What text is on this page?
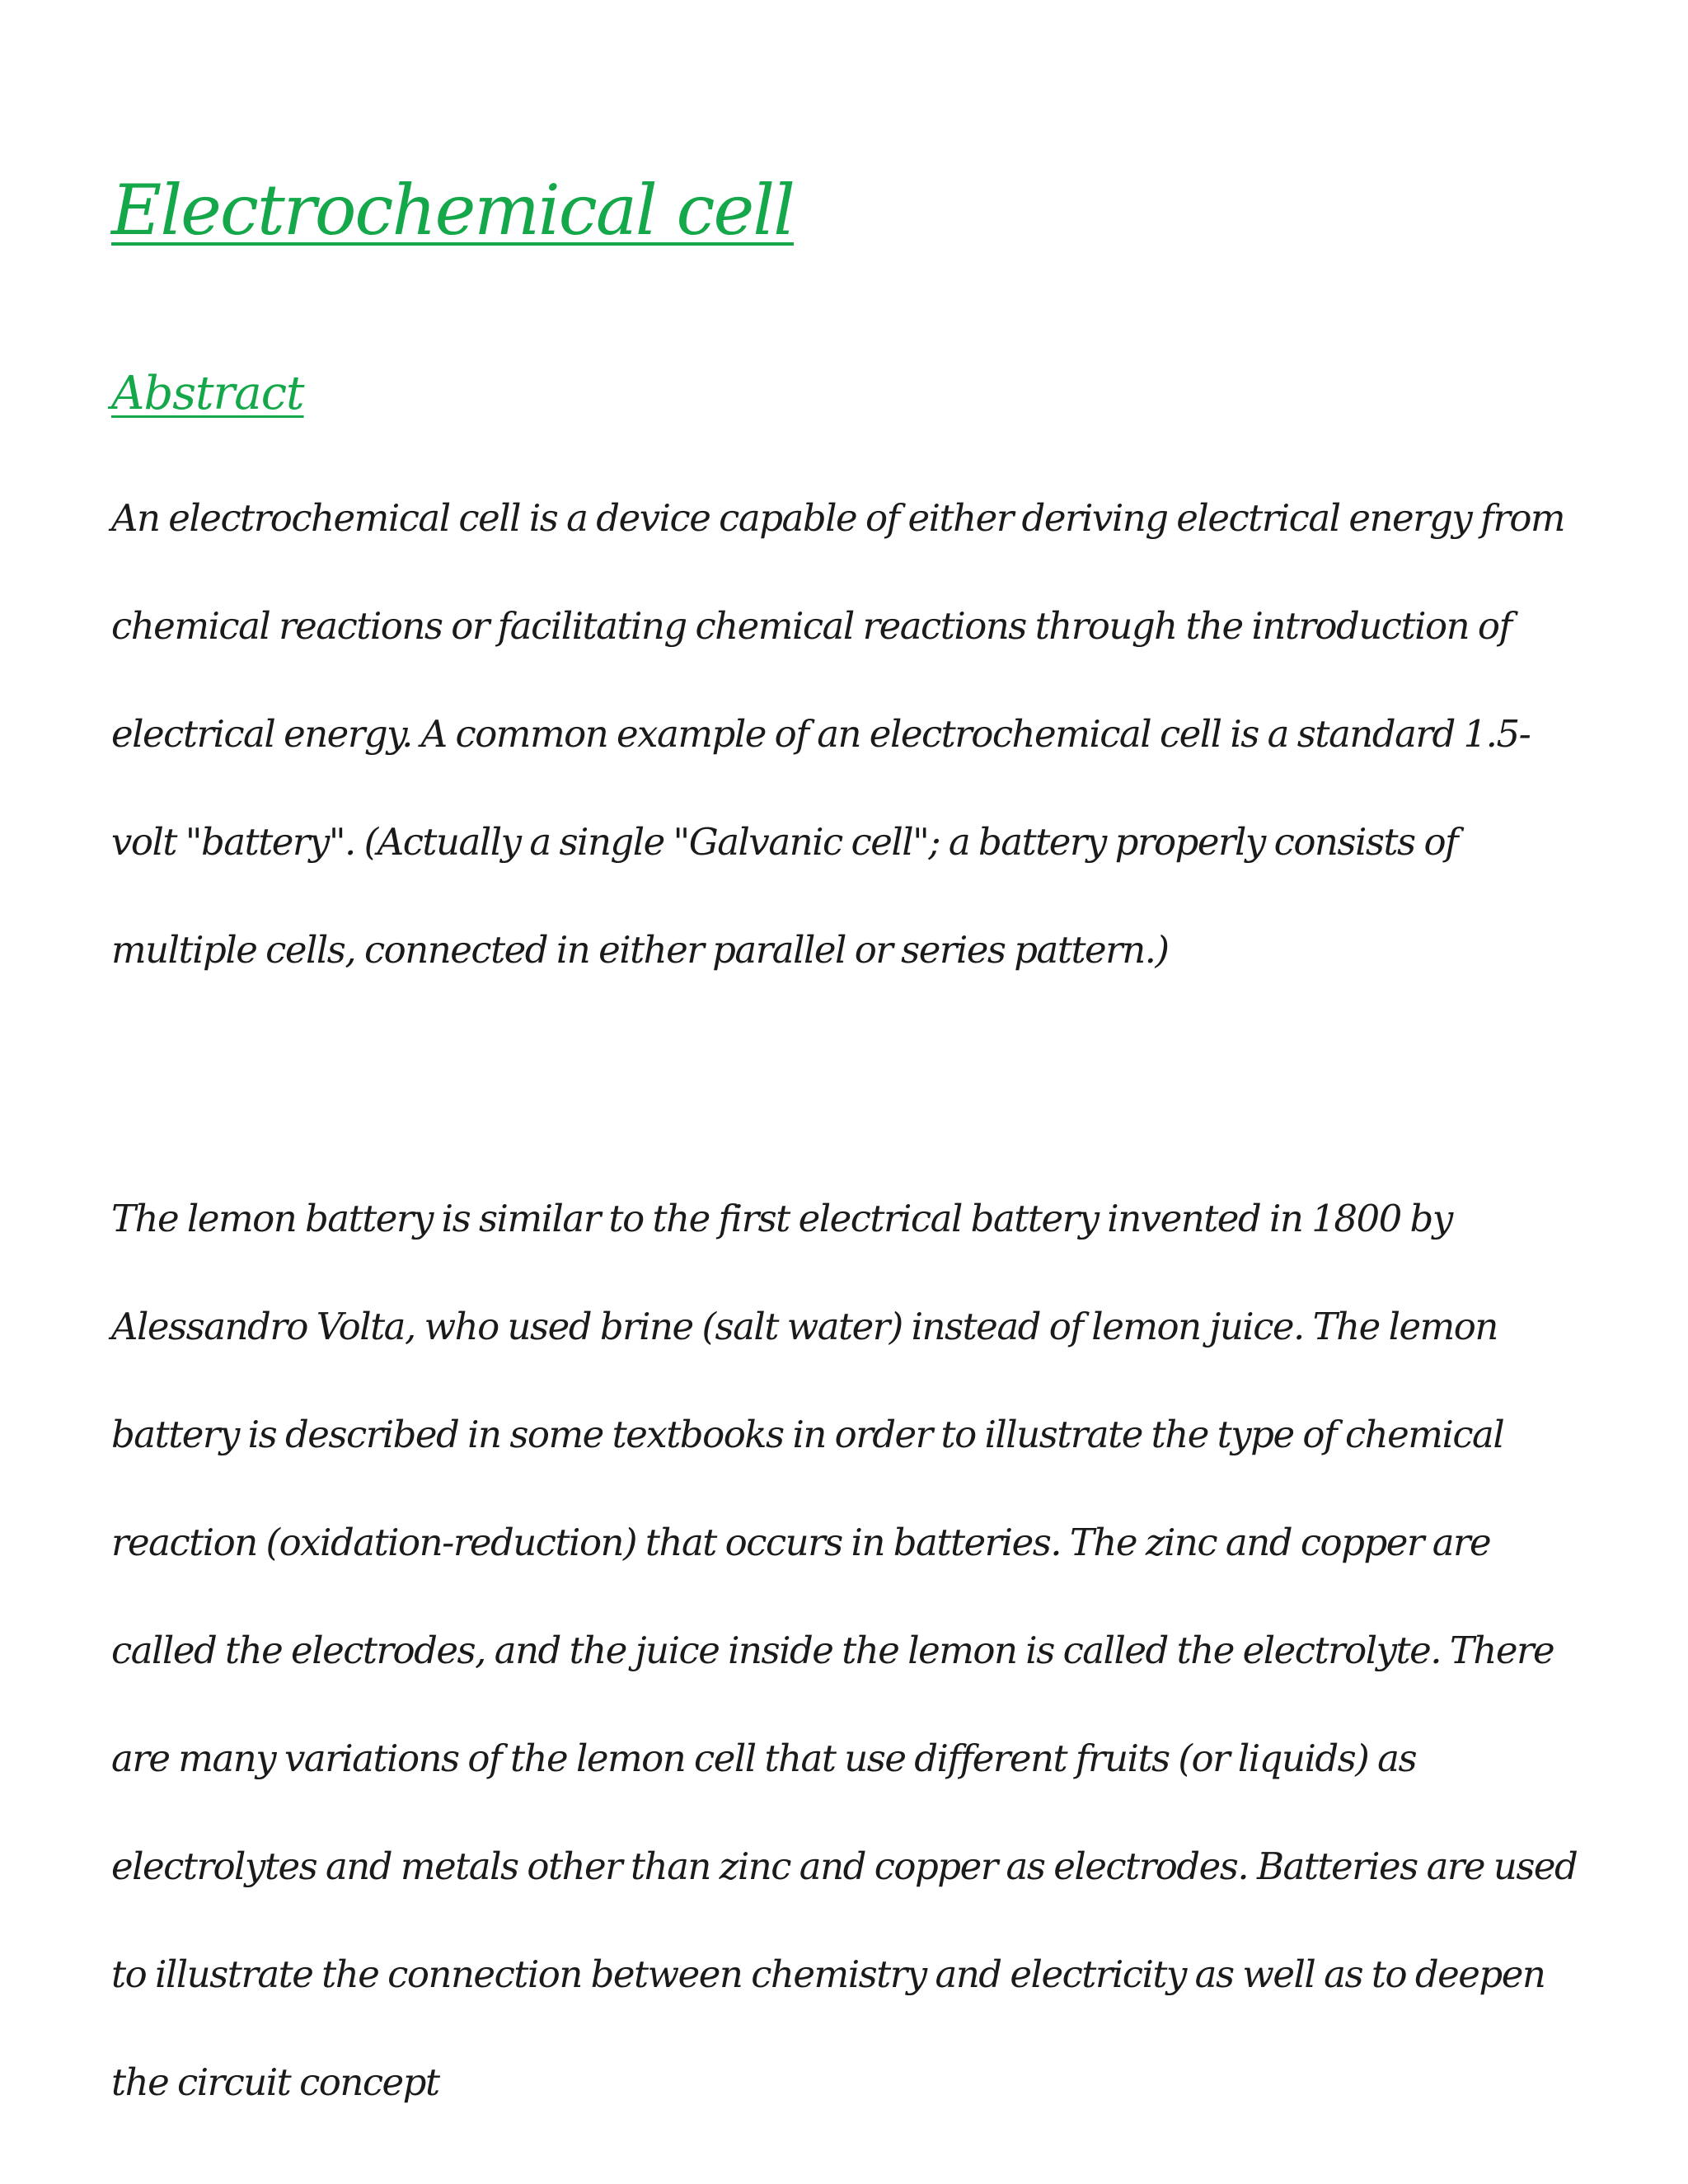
Electrochemical cell
Abstract

An electrochemical cell is a device capable of either deriving electrical energy from chemical reactions or facilitating chemical reactions through the introduction of electrical energy. A common example of an electrochemical cell is a standard 1.5-volt "battery". (Actually a single "Galvanic cell"; a battery properly consists of multiple cells, connected in either parallel or series pattern.)

The lemon battery is similar to the first electrical battery invented in 1800 by Alessandro Volta, who used brine (salt water) instead of lemon juice. The lemon battery is described in some textbooks in order to illustrate the type of chemical reaction (oxidation-reduction) that occurs in batteries. The zinc and copper are called the electrodes, and the juice inside the lemon is called the electrolyte. There are many variations of the lemon cell that use different fruits (or liquids) as electrolytes and metals other than zinc and copper as electrodes. Batteries are used to illustrate the connection between chemistry and electricity as well as to deepen the circuit concept
